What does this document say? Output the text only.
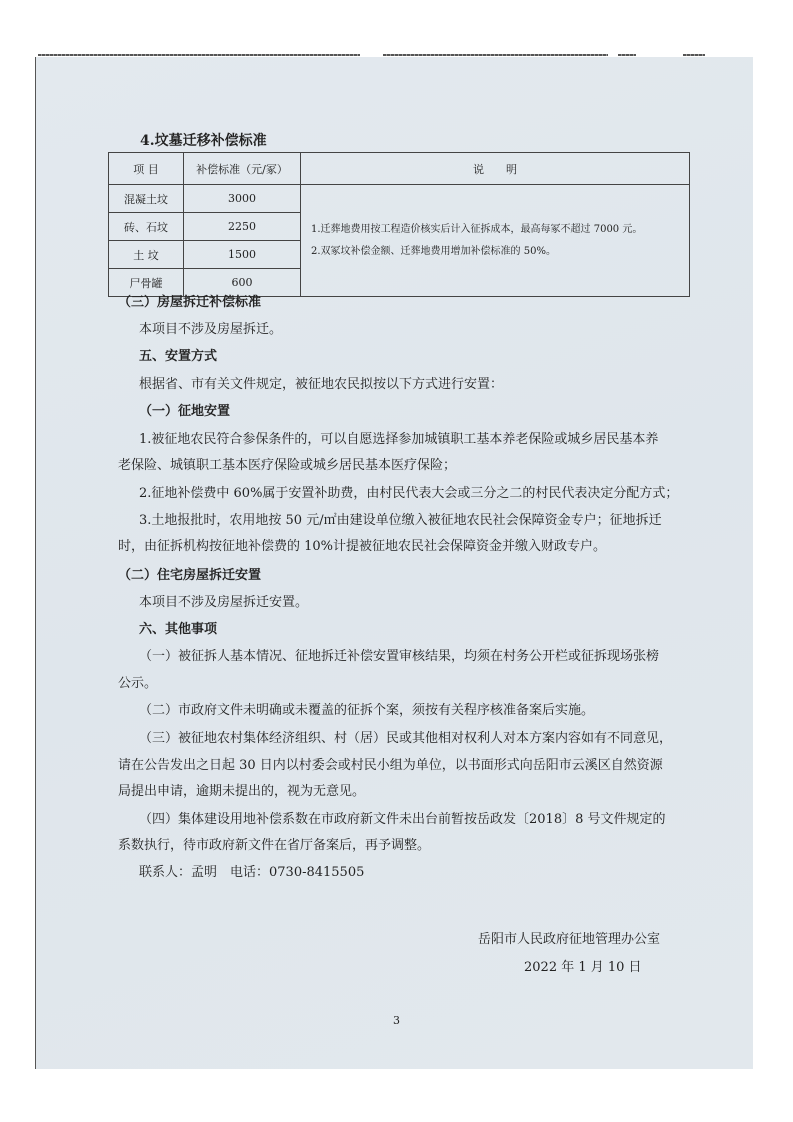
4.坟墓迁移补偿标准
项 目	补偿标准（元/冢）	说　　明
混凝土坟	3000	1.迁葬地费用按工程造价核实后计入征拆成本，最高每冢不超过 7000 元。
2.双冢坟补偿金额、迁葬地费用增加补偿标准的 50%。

砖、石坟	2250	
土 坟	1500	
尸骨罐	600	
（三）房屋拆迁补偿标准
本项目不涉及房屋拆迁。
五、安置方式
根据省、市有关文件规定，被征地农民拟按以下方式进行安置：
（一）征地安置
1.被征地农民符合参保条件的，可以自愿选择参加城镇职工基本养老保险或城乡居民基本养
老保险、城镇职工基本医疗保险或城乡居民基本医疗保险；
2.征地补偿费中 60%属于安置补助费，由村民代表大会或三分之二的村民代表决定分配方式；
3.土地报批时，农用地按 50 元/㎡由建设单位缴入被征地农民社会保障资金专户；征地拆迁
时，由征拆机构按征地补偿费的 10%计提被征地农民社会保障资金并缴入财政专户。
（二）住宅房屋拆迁安置
本项目不涉及房屋拆迁安置。
六、其他事项
（一）被征拆人基本情况、征地拆迁补偿安置审核结果，均须在村务公开栏或征拆现场张榜
公示。
（二）市政府文件未明确或未覆盖的征拆个案，须按有关程序核准备案后实施。
（三）被征地农村集体经济组织、村（居）民或其他相对权利人对本方案内容如有不同意见，
请在公告发出之日起 30 日内以村委会或村民小组为单位，以书面形式向岳阳市云溪区自然资源
局提出申请，逾期未提出的，视为无意见。
（四）集体建设用地补偿系数在市政府新文件未出台前暂按岳政发〔2018〕8 号文件规定的
系数执行，待市政府新文件在省厅备案后，再予调整。
联系人：孟明　电话：0730-8415505
岳阳市人民政府征地管理办公室
2022 年 1 月 10 日
3
